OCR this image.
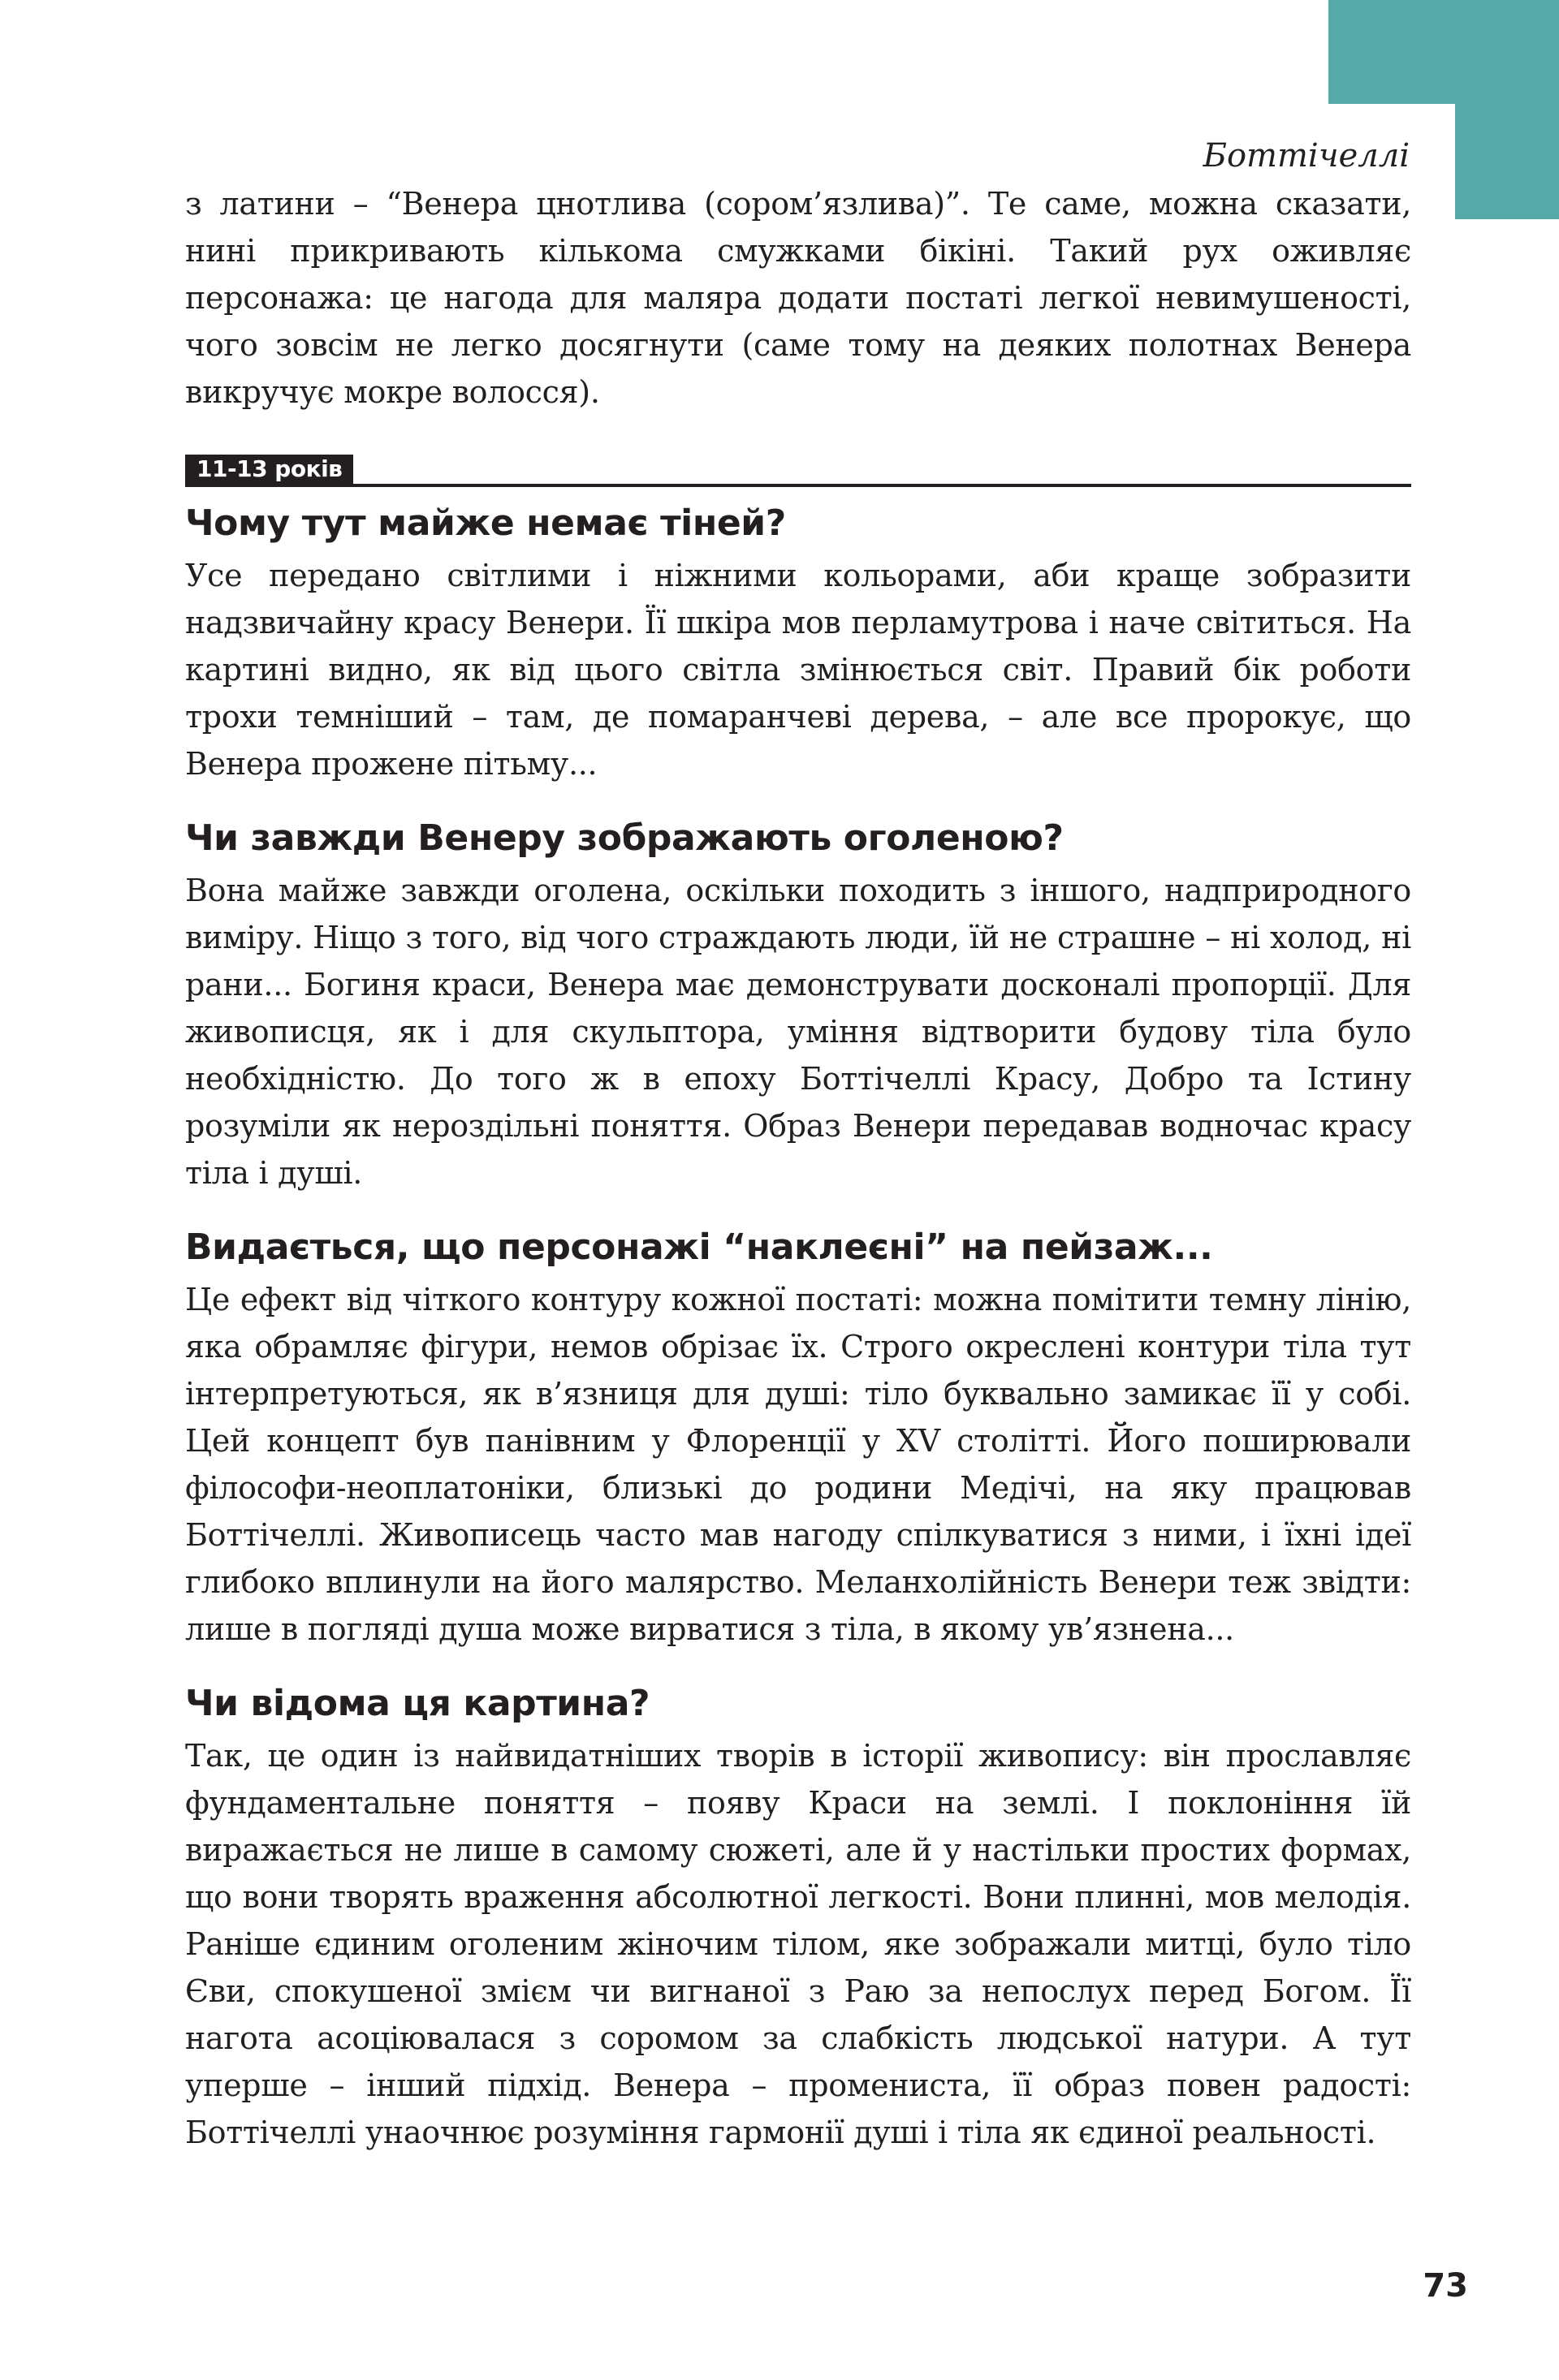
Боттічеллі

з латини – “Венера цнотлива (сором’язлива)”. Те саме, можна сказати, нині прикривають кількома смужками бікіні. Такий рух оживляє персонажа: це нагода для маляра додати постаті легкої невимушеності, чого зовсім не легко досягнути (саме тому на деяких полотнах Венера викручує мокре волосся).

11-13 років
Чому тут майже немає тіней?

Усе передано світлими і ніжними кольорами, аби краще зобразити надзвичайну красу Венери. Її шкіра мов перламутрова і наче світиться. На картині видно, як від цього світла змінюється світ. Правий бік роботи трохи темніший – там, де помаранчеві дерева, – але все пророкує, що Венера прожене пітьму...

Чи завжди Венеру зображають оголеною?

Вона майже завжди оголена, оскільки походить з іншого, надприродного виміру. Ніщо з того, від чого страждають люди, їй не страшне – ні холод, ні рани... Богиня краси, Венера має демонструвати досконалі пропорції. Для живописця, як і для скульптора, уміння відтворити будову тіла було необхідністю. До того ж в епоху Боттічеллі Красу, Добро та Істину розуміли як нероздільні поняття. Образ Венери передавав водночас красу тіла і душі.

Видається, що персонажі “наклеєні” на пейзаж...

Це ефект від чіткого контуру кожної постаті: можна помітити темну лінію, яка обрамляє фігури, немов обрізає їх. Строго окреслені контури тіла тут інтерпретуються, як в’язниця для душі: тіло буквально замикає її у собі. Цей концепт був панівним у Флоренції у XV столітті. Його поширювали філософи-неоплатоніки, близькі до родини Медічі, на яку працював Боттічеллі. Живописець часто мав нагоду спілкуватися з ними, і їхні ідеї глибоко вплинули на його малярство. Меланхолійність Венери теж звідти: лише в погляді душа може вирватися з тіла, в якому ув’язнена...

Чи відома ця картина?

Так, це один із найвидатніших творів в історії живопису: він прославляє фундаментальне поняття – появу Краси на землі. І поклоніння їй виражається не лише в самому сюжеті, але й у настільки простих формах, що вони творять враження абсолютної легкості. Вони плинні, мов мелодія. Раніше єдиним оголеним жіночим тілом, яке зображали митці, було тіло Єви, спокушеної змієм чи вигнаної з Раю за непослух перед Богом. Її нагота асоціювалася з соромом за слабкість людської натури. А тут уперше – інший підхід. Венера – промениста, її образ повен радості: Боттічеллі унаочнює розуміння гармонії душі і тіла як єдиної реальності.

73
